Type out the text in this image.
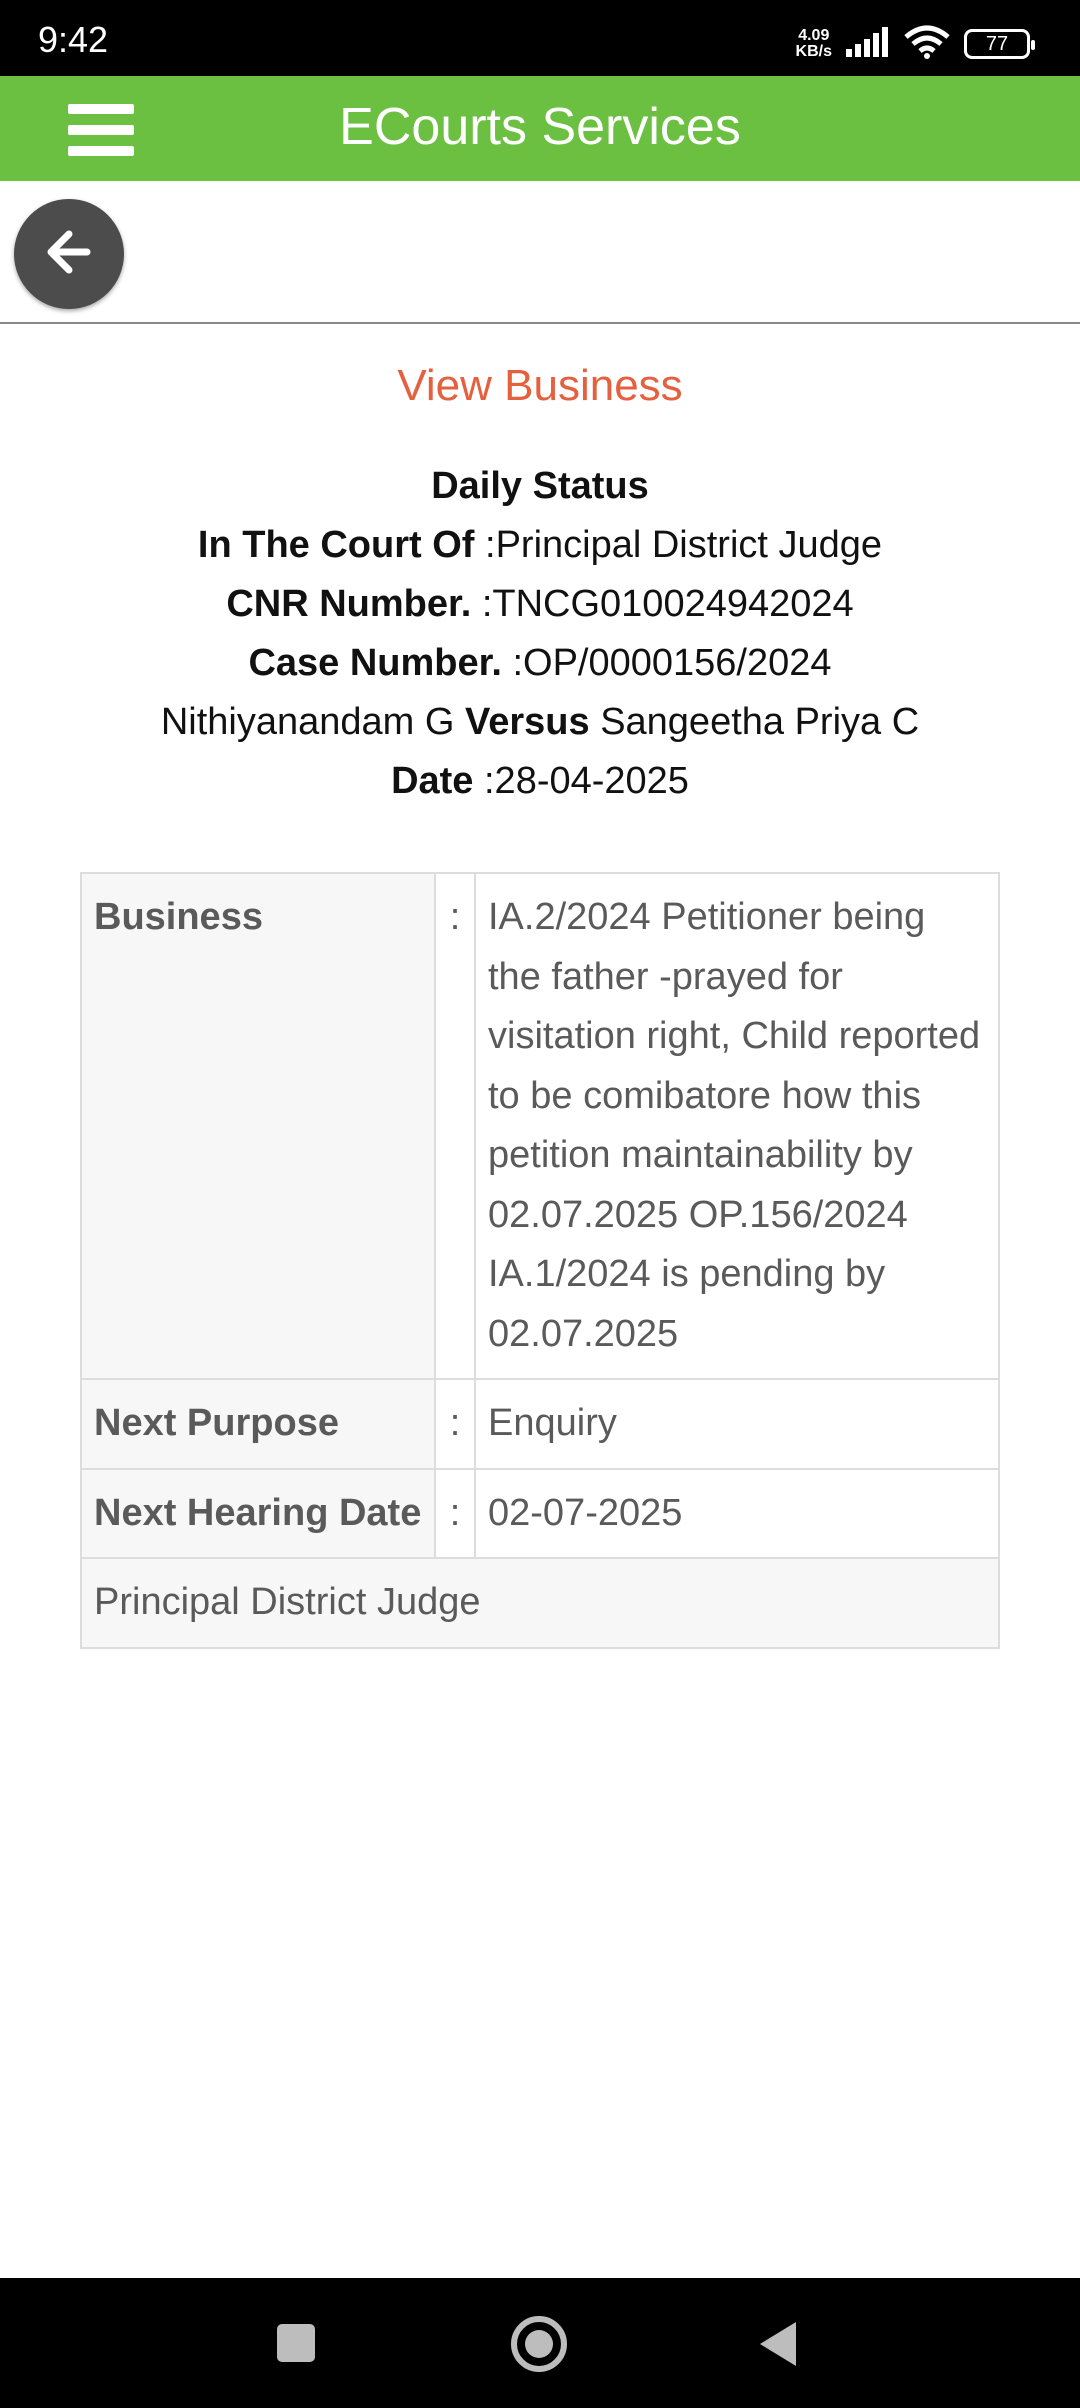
9:42	4.09
KB/s	77
ECourts Services
View Business
Daily Status
In The Court Of :Principal District Judge
CNR Number. :TNCG010024942024
Case Number. :OP/0000156/2024
Nithiyanandam G Versus Sangeetha Priya C
Date :28-04-2025
Business	:	IA.2/2024 Petitioner being the father -prayed for visitation right, Child reported to be comibatore how this petition maintainability by 02.07.2025 OP.156/2024 IA.1/2024 is pending by 02.07.2025
Next Purpose	:	Enquiry
Next Hearing Date	:	02-07-2025
Principal District Judge		
